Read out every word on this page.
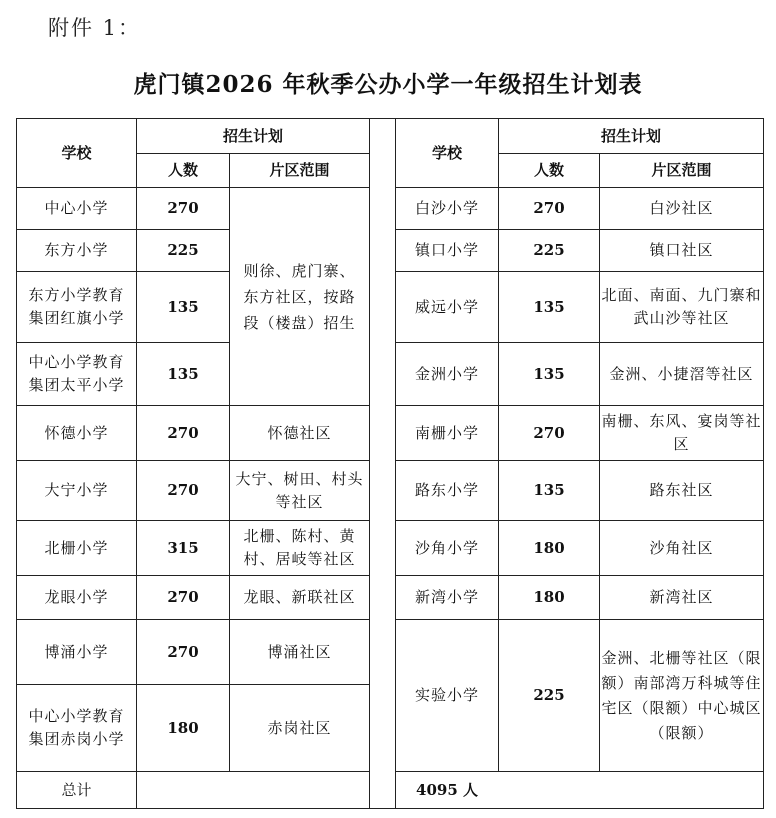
附件 1：
虎门镇2026 年秋季公办小学一年级招生计划表
学校	招生计划			学校	招生计划	
	人数	片区范围			人数	片区范围
中心小学	270	则徐、虎门寨、东方社区，按路段（楼盘）招生		白沙小学	270	白沙社区
东方小学	225			镇口小学	225	镇口社区
东方小学教育集团红旗小学	135			威远小学	135	北面、南面、九门寨和武山沙等社区
中心小学教育集团太平小学	135			金洲小学	135	金洲、小捷滘等社区
怀德小学	270	怀德社区		南栅小学	270	南栅、东风、宴岗等社区
大宁小学	270	大宁、树田、村头等社区		路东小学	135	路东社区
北栅小学	315	北栅、陈村、黄村、居岐等社区		沙角小学	180	沙角社区
龙眼小学	270	龙眼、新联社区		新湾小学	180	新湾社区
博涌小学	270	博涌社区		实验小学	225	金洲、北栅等社区（限额）南部湾万科城等住宅区（限额）中心城区（限额）
中心小学教育集团赤岗小学	180	赤岗社区				
总计				4095 人		
